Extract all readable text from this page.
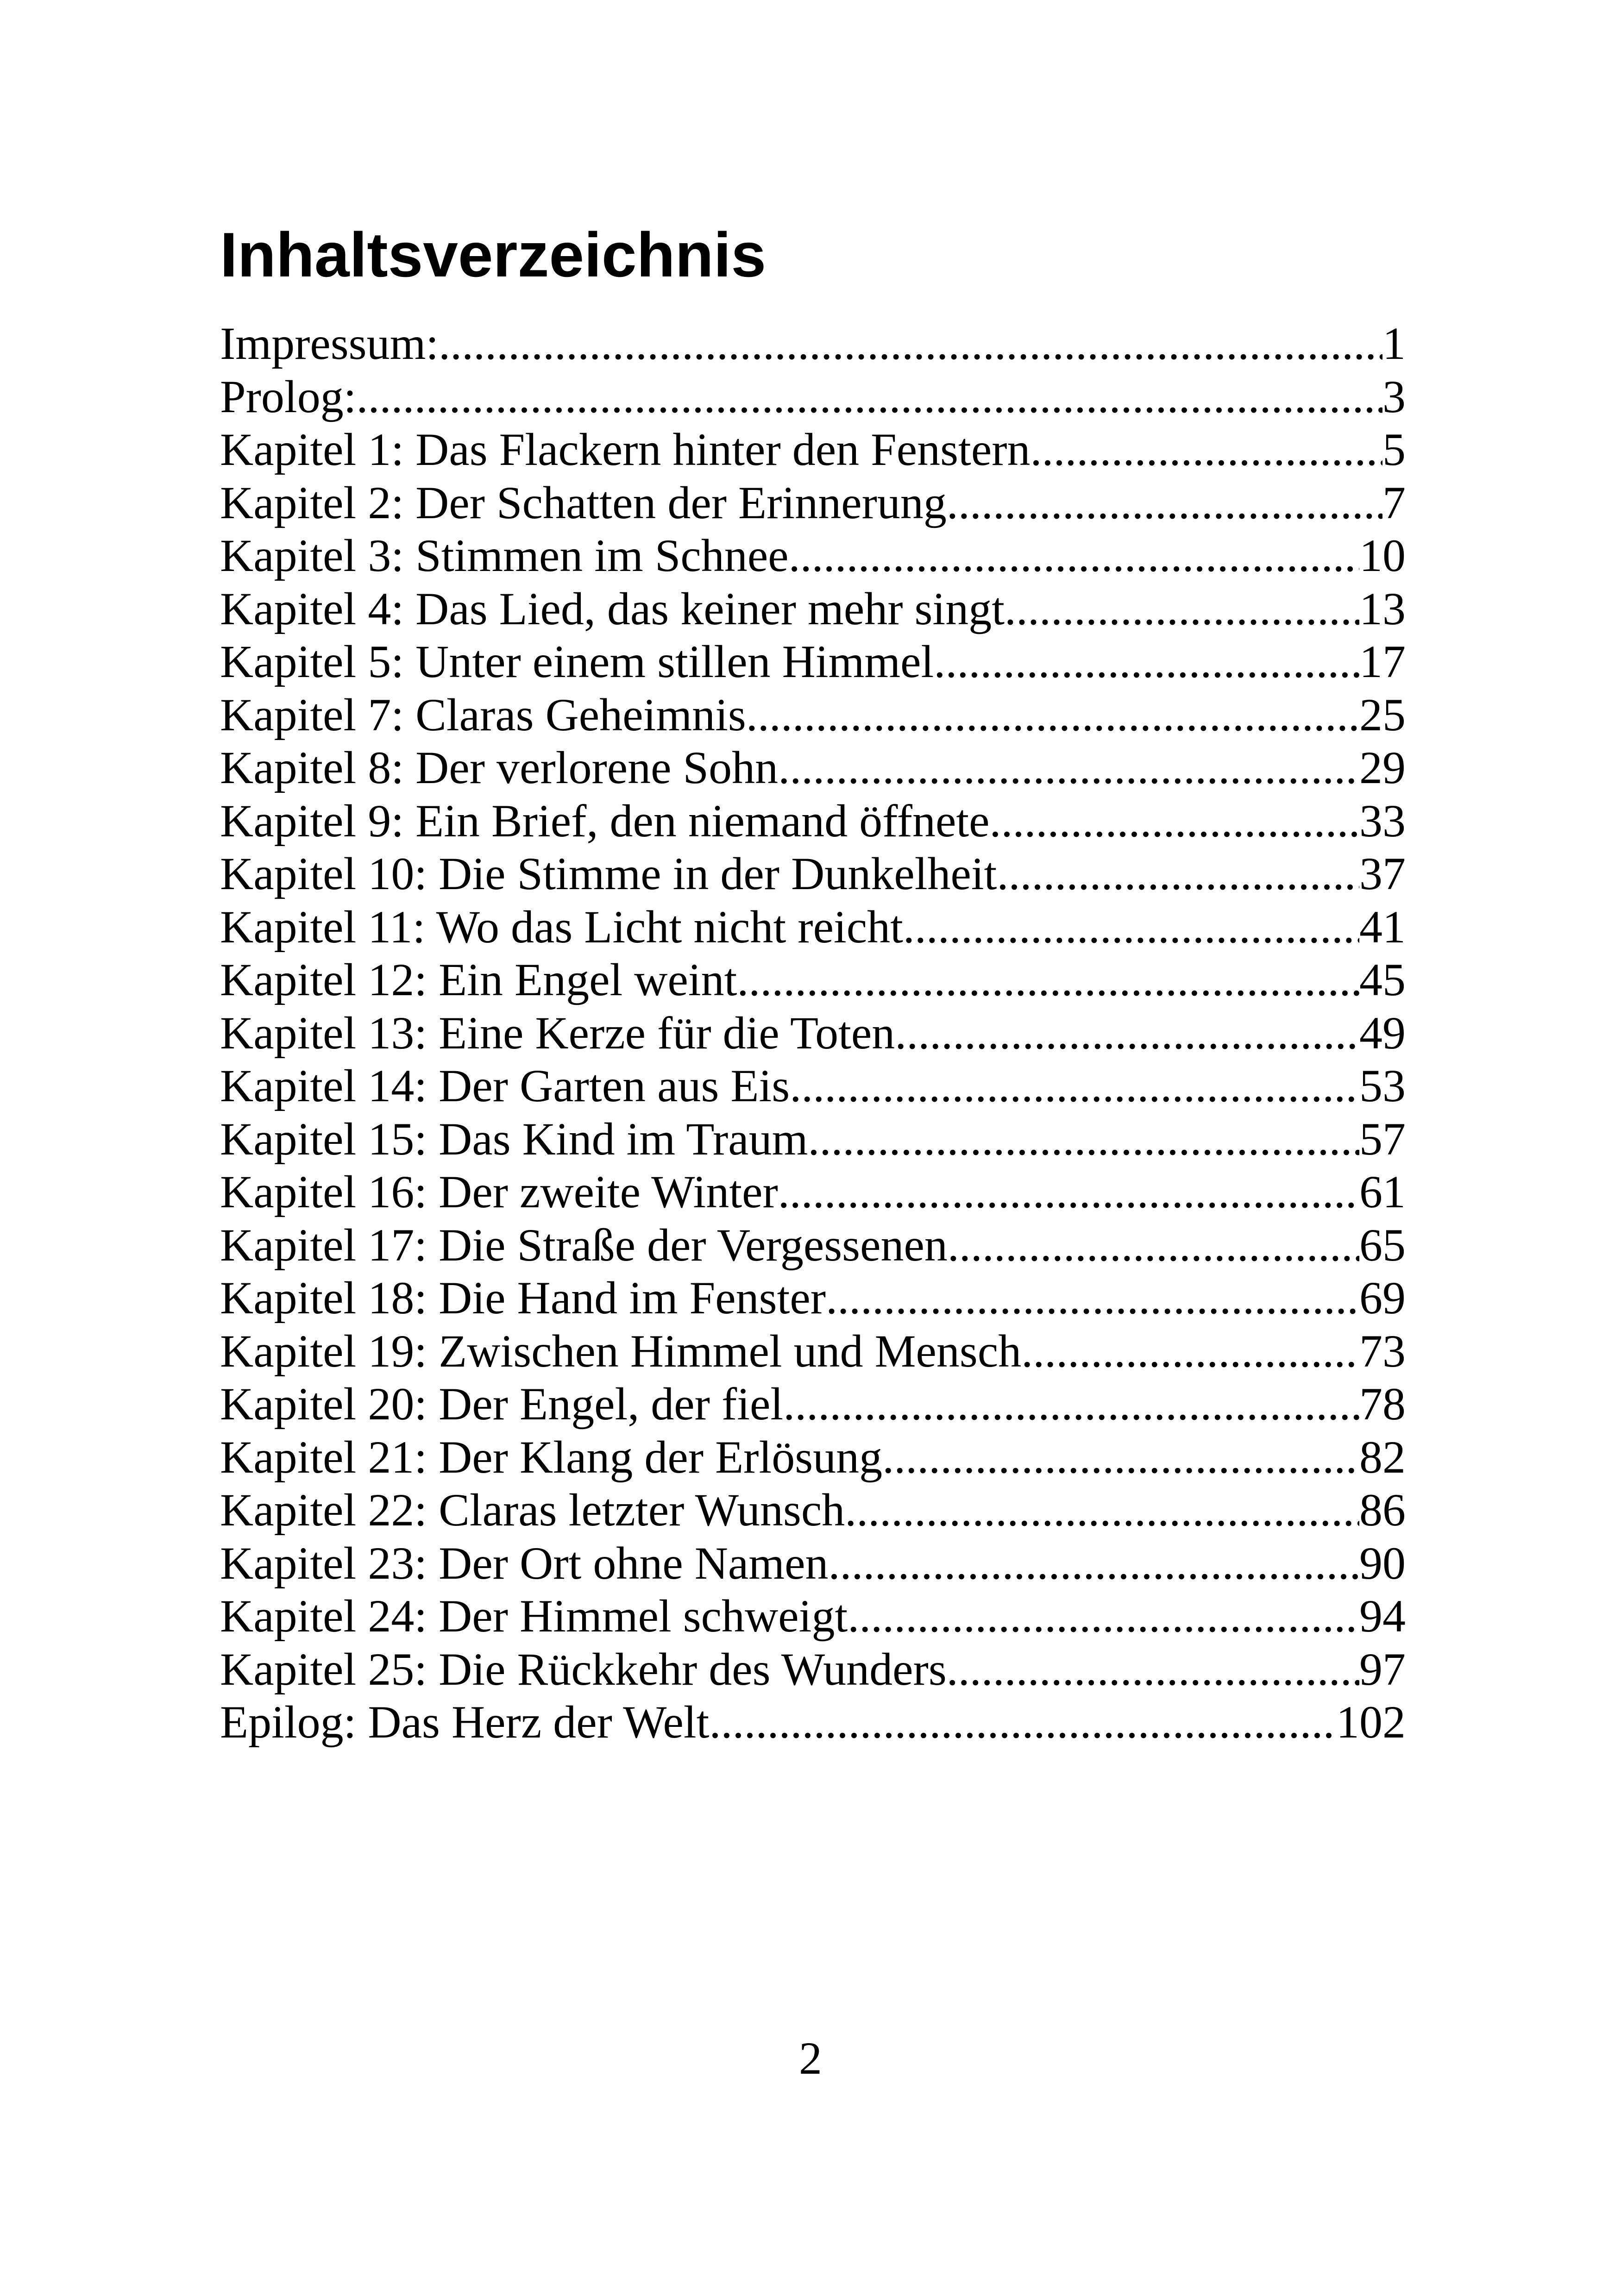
Inhaltsverzeichnis
Impressum: .....	1
Prolog: .....	3
Kapitel 1: Das Flackern hinter den Fenstern .....	5
Kapitel 2: Der Schatten der Erinnerung .....	7
Kapitel 3: Stimmen im Schnee .....	10
Kapitel 4: Das Lied, das keiner mehr singt .....	13
Kapitel 5: Unter einem stillen Himmel .....	17
Kapitel 7: Claras Geheimnis .....	25
Kapitel 8: Der verlorene Sohn .....	29
Kapitel 9: Ein Brief, den niemand öffnete .....	33
Kapitel 10: Die Stimme in der Dunkelheit .....	37
Kapitel 11: Wo das Licht nicht reicht .....	41
Kapitel 12: Ein Engel weint .....	45
Kapitel 13: Eine Kerze für die Toten .....	49
Kapitel 14: Der Garten aus Eis .....	53
Kapitel 15: Das Kind im Traum .....	57
Kapitel 16: Der zweite Winter .....	61
Kapitel 17: Die Straße der Vergessenen .....	65
Kapitel 18: Die Hand im Fenster .....	69
Kapitel 19: Zwischen Himmel und Mensch .....	73
Kapitel 20: Der Engel, der fiel .....	78
Kapitel 21: Der Klang der Erlösung .....	82
Kapitel 22: Claras letzter Wunsch .....	86
Kapitel 23: Der Ort ohne Namen .....	90
Kapitel 24: Der Himmel schweigt .....	94
Kapitel 25: Die Rückkehr des Wunders .....	97
Epilog: Das Herz der Welt .....	102
2
